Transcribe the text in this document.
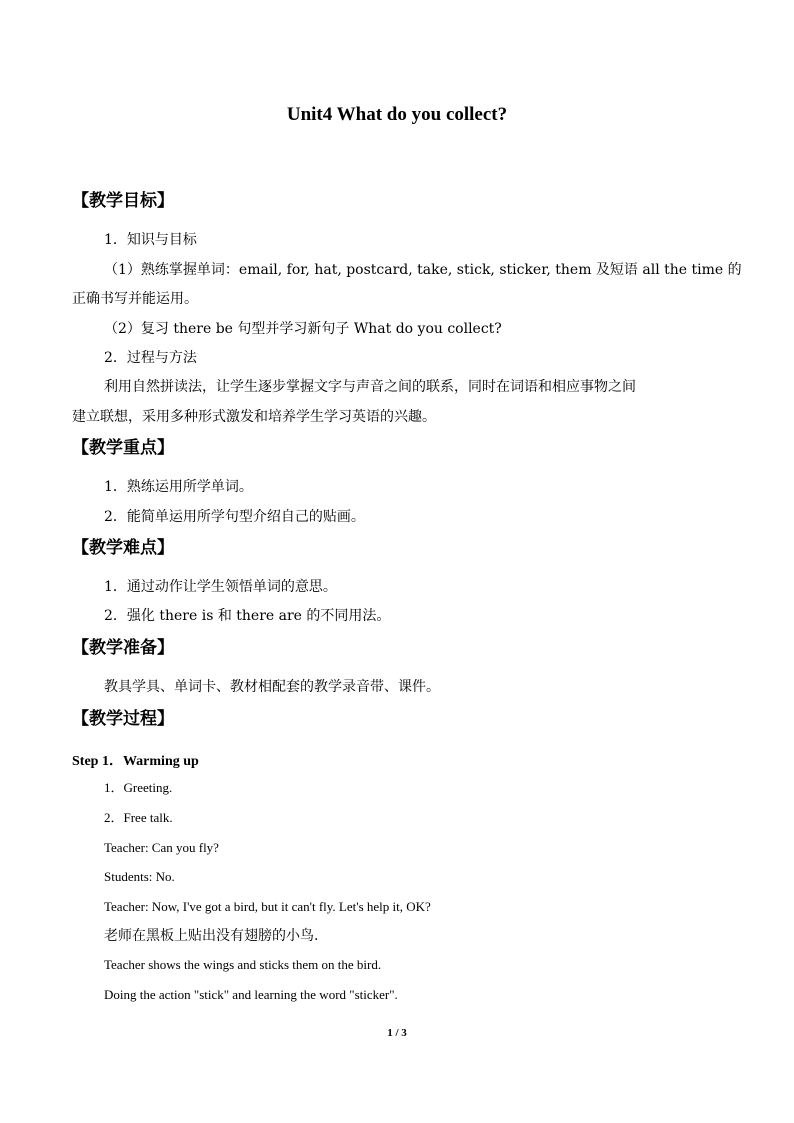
Unit4 What do you collect?
【教学目标】
1．知识与目标
（1）熟练掌握单词：email, for, hat, postcard, take, stick, sticker, them 及短语 all the time 的
正确书写并能运用。
（2）复习 there be 句型并学习新句子 What do you collect?
2．过程与方法
利用自然拼读法，让学生逐步掌握文字与声音之间的联系，同时在词语和相应事物之间
建立联想，采用多种形式激发和培养学生学习英语的兴趣。
【教学重点】
1．熟练运用所学单词。
2．能简单运用所学句型介绍自己的贴画。
【教学难点】
1．通过动作让学生领悟单词的意思。
2．强化 there is 和 there are 的不同用法。
【教学准备】
教具学具、单词卡、教材相配套的教学录音带、课件。
【教学过程】
Step 1．Warming up
1．Greeting.
2．Free talk.
Teacher: Can you fly?
Students: No.
Teacher: Now, I've got a bird, but it can't fly. Let's help it, OK?
老师在黑板上贴出没有翅膀的小鸟.
Teacher shows the wings and sticks them on the bird.
Doing the action "stick" and learning the word "sticker".
1 / 3
